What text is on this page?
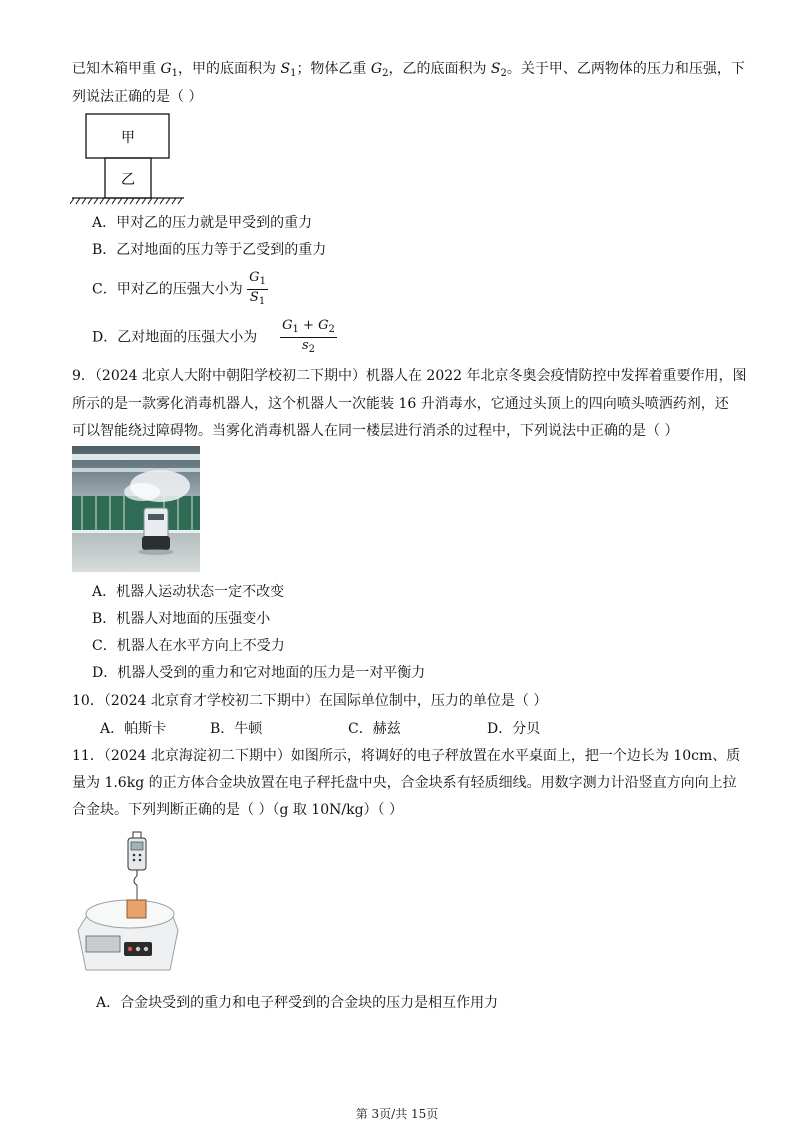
已知木箱甲重 $G_1$，甲的底面积为 $S_1$；物体乙重 $G_2$，乙的底面积为 $S_2$。关于甲、乙两物体的压力和压强，下
列说法正确的是（ ）
甲
乙
A．甲对乙的压力就是甲受到的重力
B．乙对地面的压力等于乙受到的重力
C．甲对乙的压强大小为 $\frac{G_1}{S_1}$
D．乙对地面的压强大小为 $\frac{G_1 + G_2}{s_2}$
9．（2024 北京人大附中朝阳学校初二下期中）机器人在 2022 年北京冬奥会疫情防控中发挥着重要作用，图
所示的是一款雾化消毒机器人，这个机器人一次能装 16 升消毒水，它通过头顶上的四向喷头喷洒药剂，还
可以智能绕过障碍物。当雾化消毒机器人在同一楼层进行消杀的过程中，下列说法中正确的是（ ）
A．机器人运动状态一定不改变
B．机器人对地面的压强变小
C．机器人在水平方向上不受力
D．机器人受到的重力和它对地面的压力是一对平衡力
10．（2024 北京育才学校初二下期中）在国际单位制中，压力的单位是（ ）
A．帕斯卡	B．牛顿	C．赫兹	D．分贝
11．（2024 北京海淀初二下期中）如图所示，将调好的电子秤放置在水平桌面上，把一个边长为 10cm、质
量为 1.6kg 的正方体合金块放置在电子秤托盘中央，合金块系有轻质细线。用数字测力计沿竖直方向向上拉
合金块。下列判断正确的是（ ）（g 取 10N/kg）（ ）
A．合金块受到的重力和电子秤受到的合金块的压力是相互作用力
第 3页/共 15页
